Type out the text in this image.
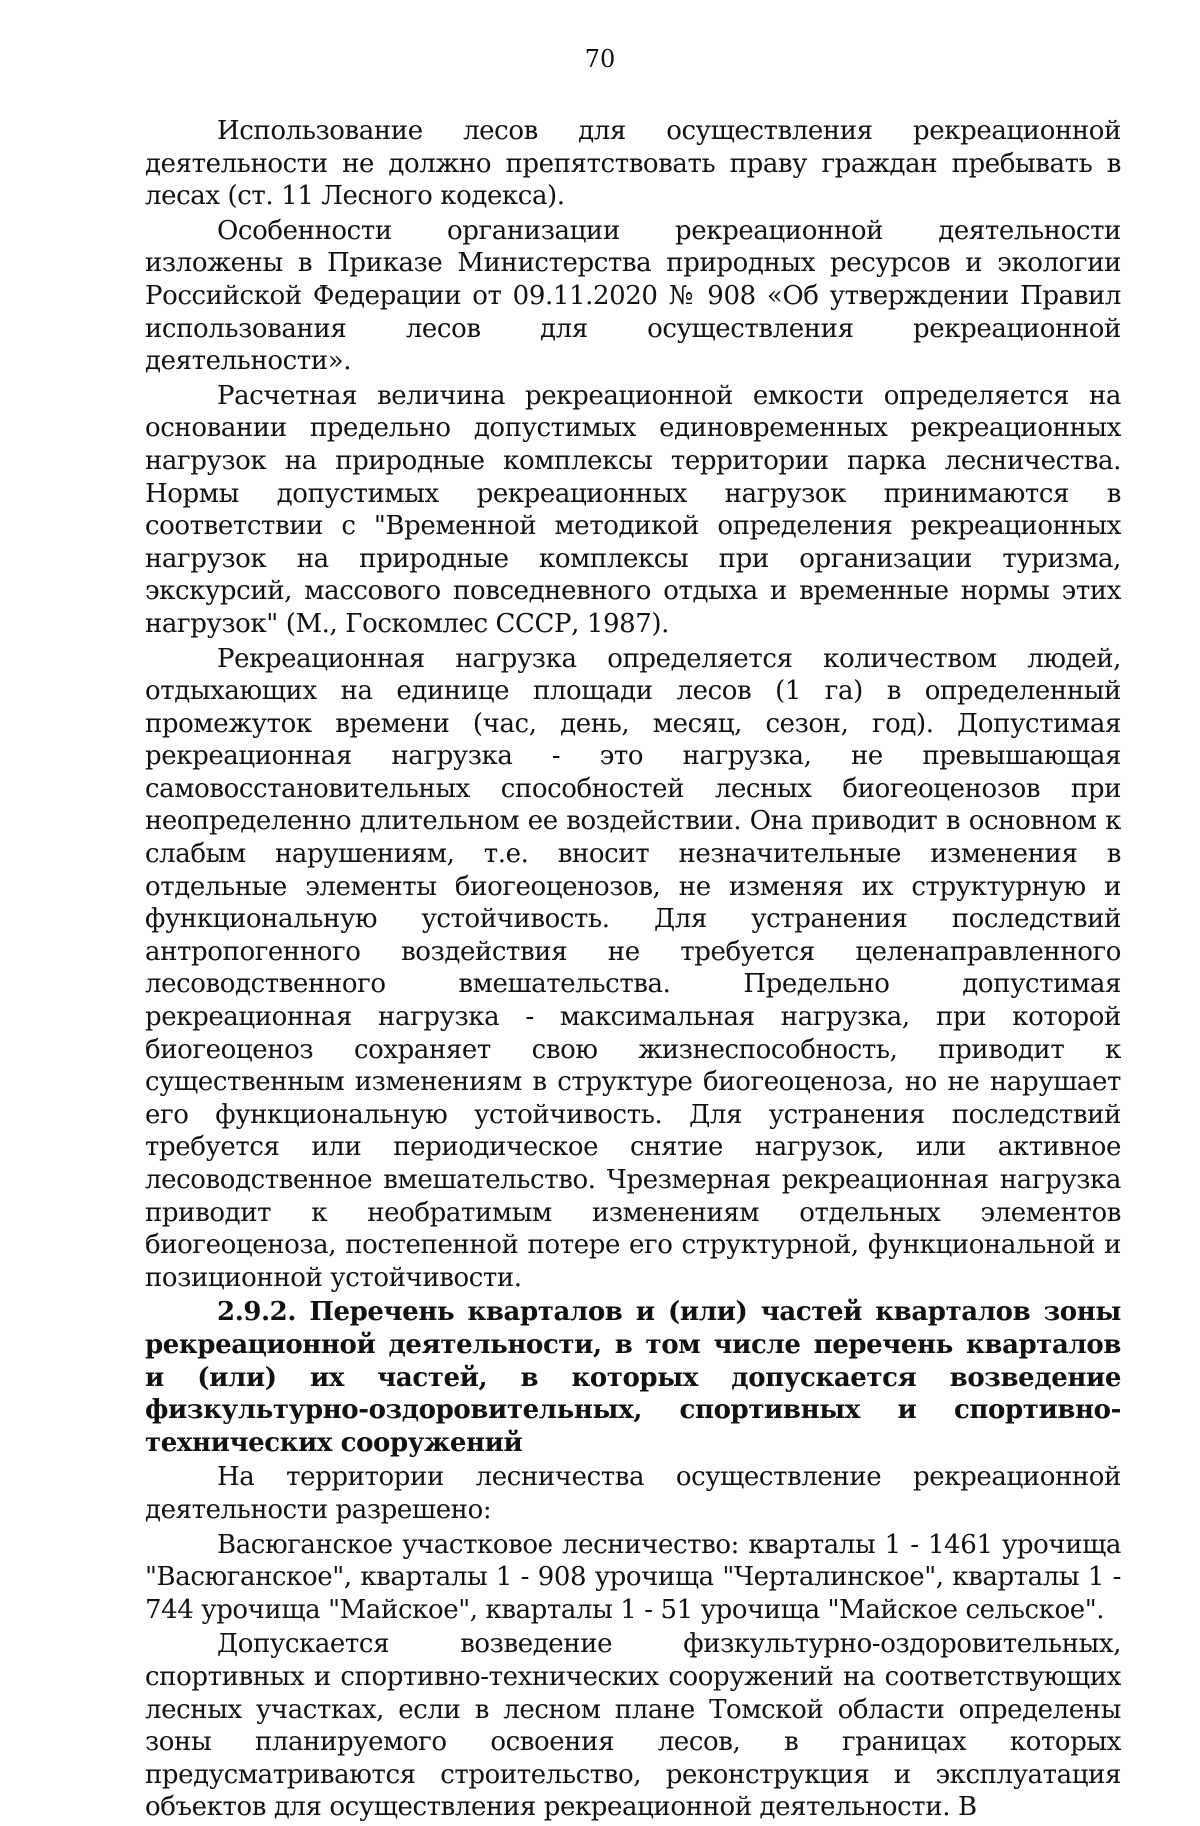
70

Использование лесов для осуществления рекреационной деятельности не должно препятствовать праву граждан пребывать в лесах (ст. 11 Лесного кодекса).

Особенности организации рекреационной деятельности изложены в Приказе Министерства природных ресурсов и экологии Российской Федерации от 09.11.2020 № 908 «Об утверждении Правил использования лесов для осуществления рекреационной деятельности».

Расчетная величина рекреационной емкости определяется на основании предельно допустимых единовременных рекреационных нагрузок на природные комплексы территории парка лесничества. Нормы допустимых рекреационных нагрузок принимаются в соответствии с "Временной методикой определения рекреационных нагрузок на природные комплексы при организации туризма, экскурсий, массового повседневного отдыха и временные нормы этих нагрузок" (М., Госкомлес СССР, 1987).

Рекреационная нагрузка определяется количеством людей, отдыхающих на единице площади лесов (1 га) в определенный промежуток времени (час, день, месяц, сезон, год). Допустимая рекреационная нагрузка - это нагрузка, не превышающая самовосстановительных способностей лесных биогеоценозов при неопределенно длительном ее воздействии. Она приводит в основном к слабым нарушениям, т.е. вносит незначительные изменения в отдельные элементы биогеоценозов, не изменяя их структурную и функциональную устойчивость. Для устранения последствий антропогенного воздействия не требуется целенаправленного лесоводственного вмешательства. Предельно допустимая рекреационная нагрузка - максимальная нагрузка, при которой биогеоценоз сохраняет свою жизнеспособность, приводит к существенным изменениям в структуре биогеоценоза, но не нарушает его функциональную устойчивость. Для устранения последствий требуется или периодическое снятие нагрузок, или активное лесоводственное вмешательство. Чрезмерная рекреационная нагрузка приводит к необратимым изменениям отдельных элементов биогеоценоза, постепенной потере его структурной, функциональной и позиционной устойчивости.

2.9.2. Перечень кварталов и (или) частей кварталов зоны рекреационной деятельности, в том числе перечень кварталов и (или) их частей, в которых допускается возведение физкультурно-оздоровительных, спортивных и спортивно-технических сооружений

На территории лесничества осуществление рекреационной деятельности разрешено:

Васюганское участковое лесничество: кварталы 1 - 1461 урочища "Васюганское", кварталы 1 - 908 урочища "Черталинское", кварталы 1 - 744 урочища "Майское", кварталы 1 - 51 урочища "Майское сельское".

Допускается возведение физкультурно-оздоровительных, спортивных и спортивно-технических сооружений на соответствующих лесных участках, если в лесном плане Томской области определены зоны планируемого освоения лесов, в границах которых предусматриваются строительство, реконструкция и эксплуатация объектов для осуществления рекреационной деятельности. В
